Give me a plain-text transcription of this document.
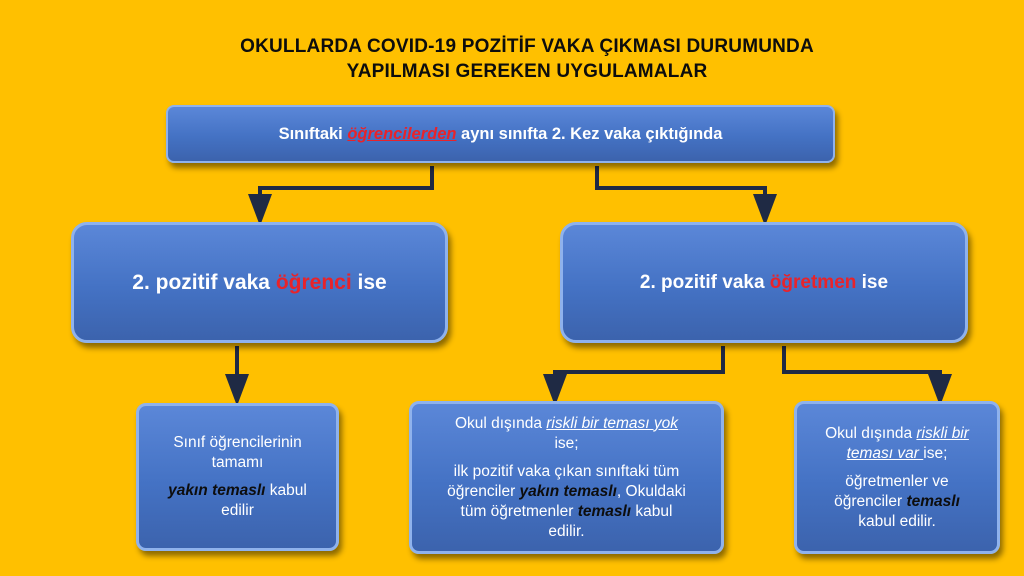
OKULLARDA COVID-19 POZİTİF VAKA ÇIKMASI DURUMUNDA
YAPILMASI GEREKEN UYGULAMALAR
Sınıftaki öğrencilerden aynı sınıfta 2. Kez vaka çıktığında
2. pozitif vaka öğrenci ise	2. pozitif vaka öğretmen ise
Sınıf öğrencilerinin
tamamı
yakın temaslı kabul
edilir
Okul dışında riskli bir teması yok
ise;
ilk pozitif vaka çıkan sınıftaki tüm
öğrenciler yakın temaslı, Okuldaki
tüm öğretmenler temaslı kabul
edilir.
Okul dışında riskli bir
teması var ise;
öğretmenler ve
öğrenciler temaslı
kabul edilir.
